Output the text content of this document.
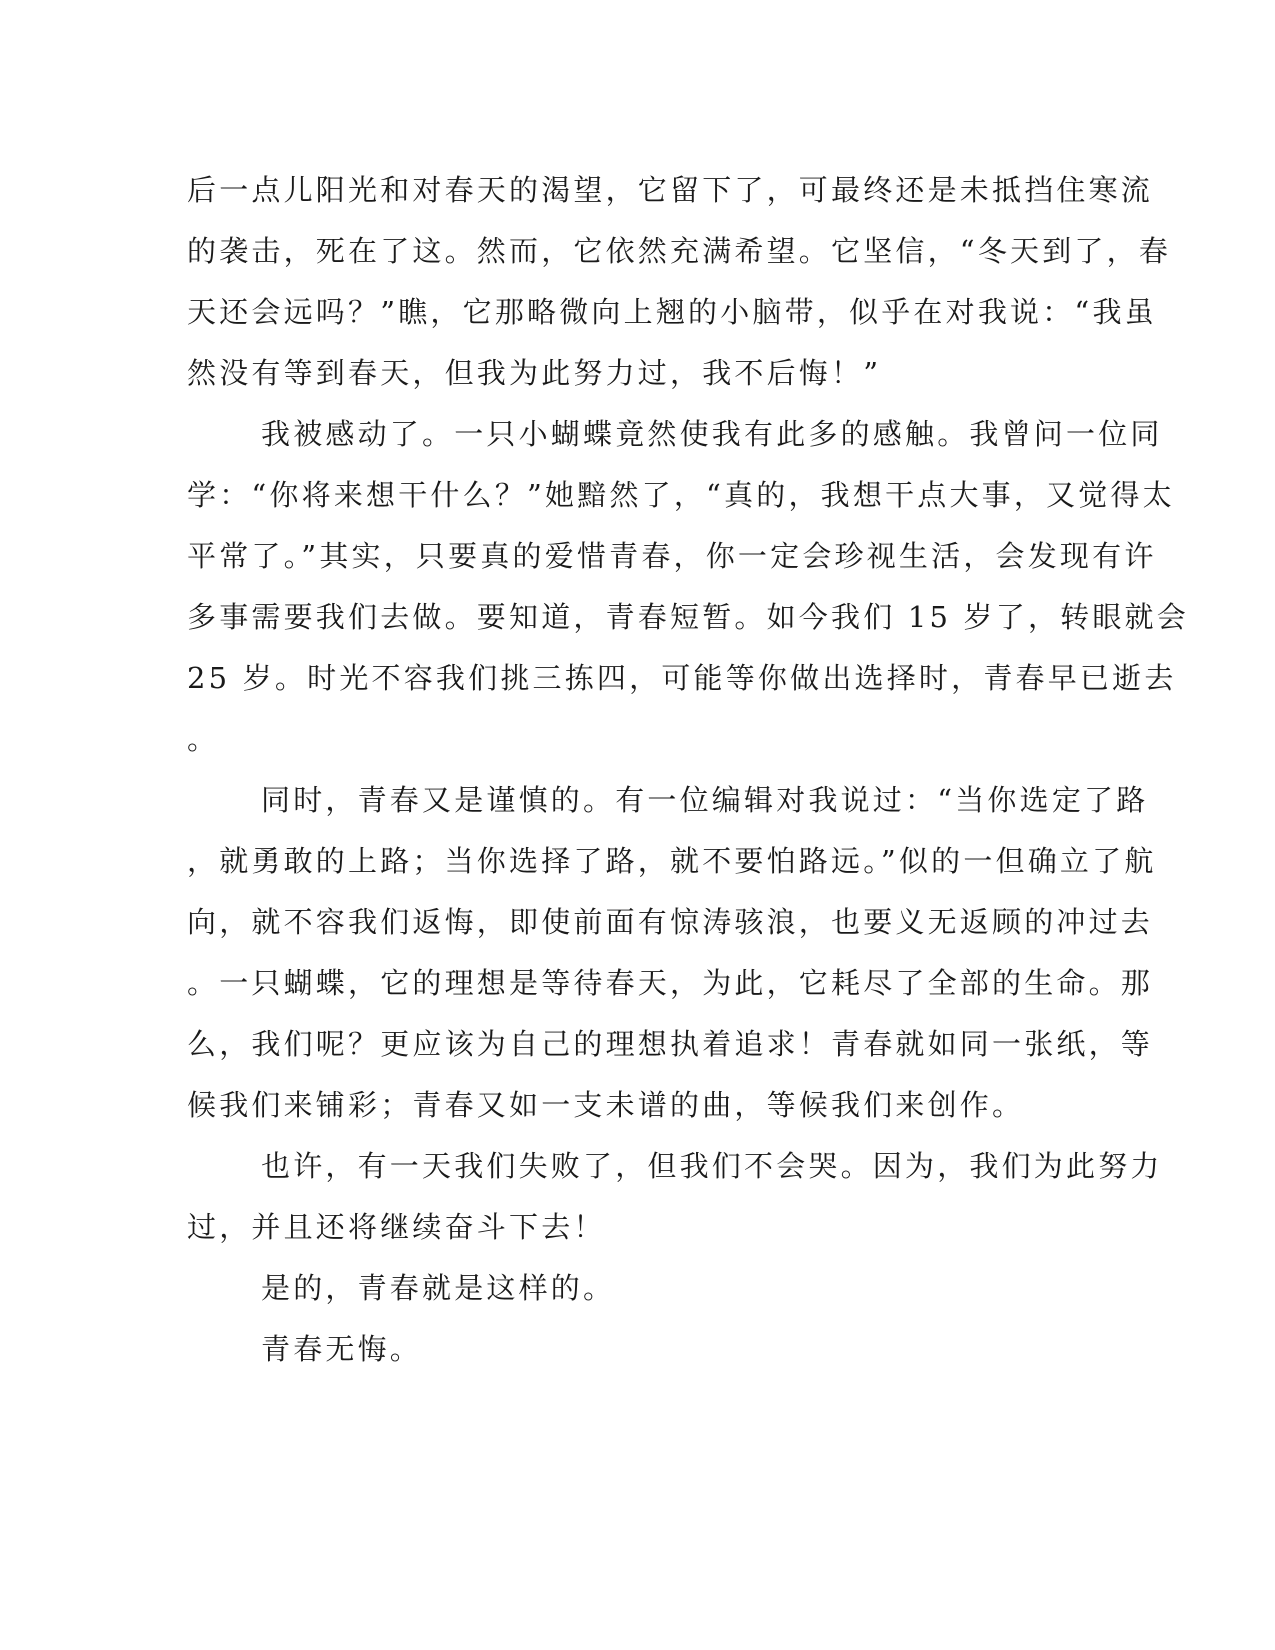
后一点儿阳光和对春天的渴望，它留下了，可最终还是未抵挡住寒流
的袭击，死在了这。然而，它依然充满希望。它坚信，“冬天到了，春
天还会远吗？”瞧，它那略微向上翘的小脑带，似乎在对我说：“我虽
然没有等到春天，但我为此努力过，我不后悔！”
我被感动了。一只小蝴蝶竟然使我有此多的感触。我曾问一位同
学：“你将来想干什么？”她黯然了，“真的，我想干点大事，又觉得太
平常了。”其实，只要真的爱惜青春，你一定会珍视生活，会发现有许
多事需要我们去做。要知道，青春短暂。如今我们 15 岁了，转眼就会
25 岁。时光不容我们挑三拣四，可能等你做出选择时，青春早已逝去
。
同时，青春又是谨慎的。有一位编辑对我说过：“当你选定了路
，就勇敢的上路；当你选择了路，就不要怕路远。”似的一但确立了航
向，就不容我们返悔，即使前面有惊涛骇浪，也要义无返顾的冲过去
。一只蝴蝶，它的理想是等待春天，为此，它耗尽了全部的生命。那
么，我们呢？更应该为自己的理想执着追求！青春就如同一张纸，等
候我们来铺彩；青春又如一支未谱的曲，等候我们来创作。
也许，有一天我们失败了，但我们不会哭。因为，我们为此努力
过，并且还将继续奋斗下去！
是的，青春就是这样的。
青春无悔。
